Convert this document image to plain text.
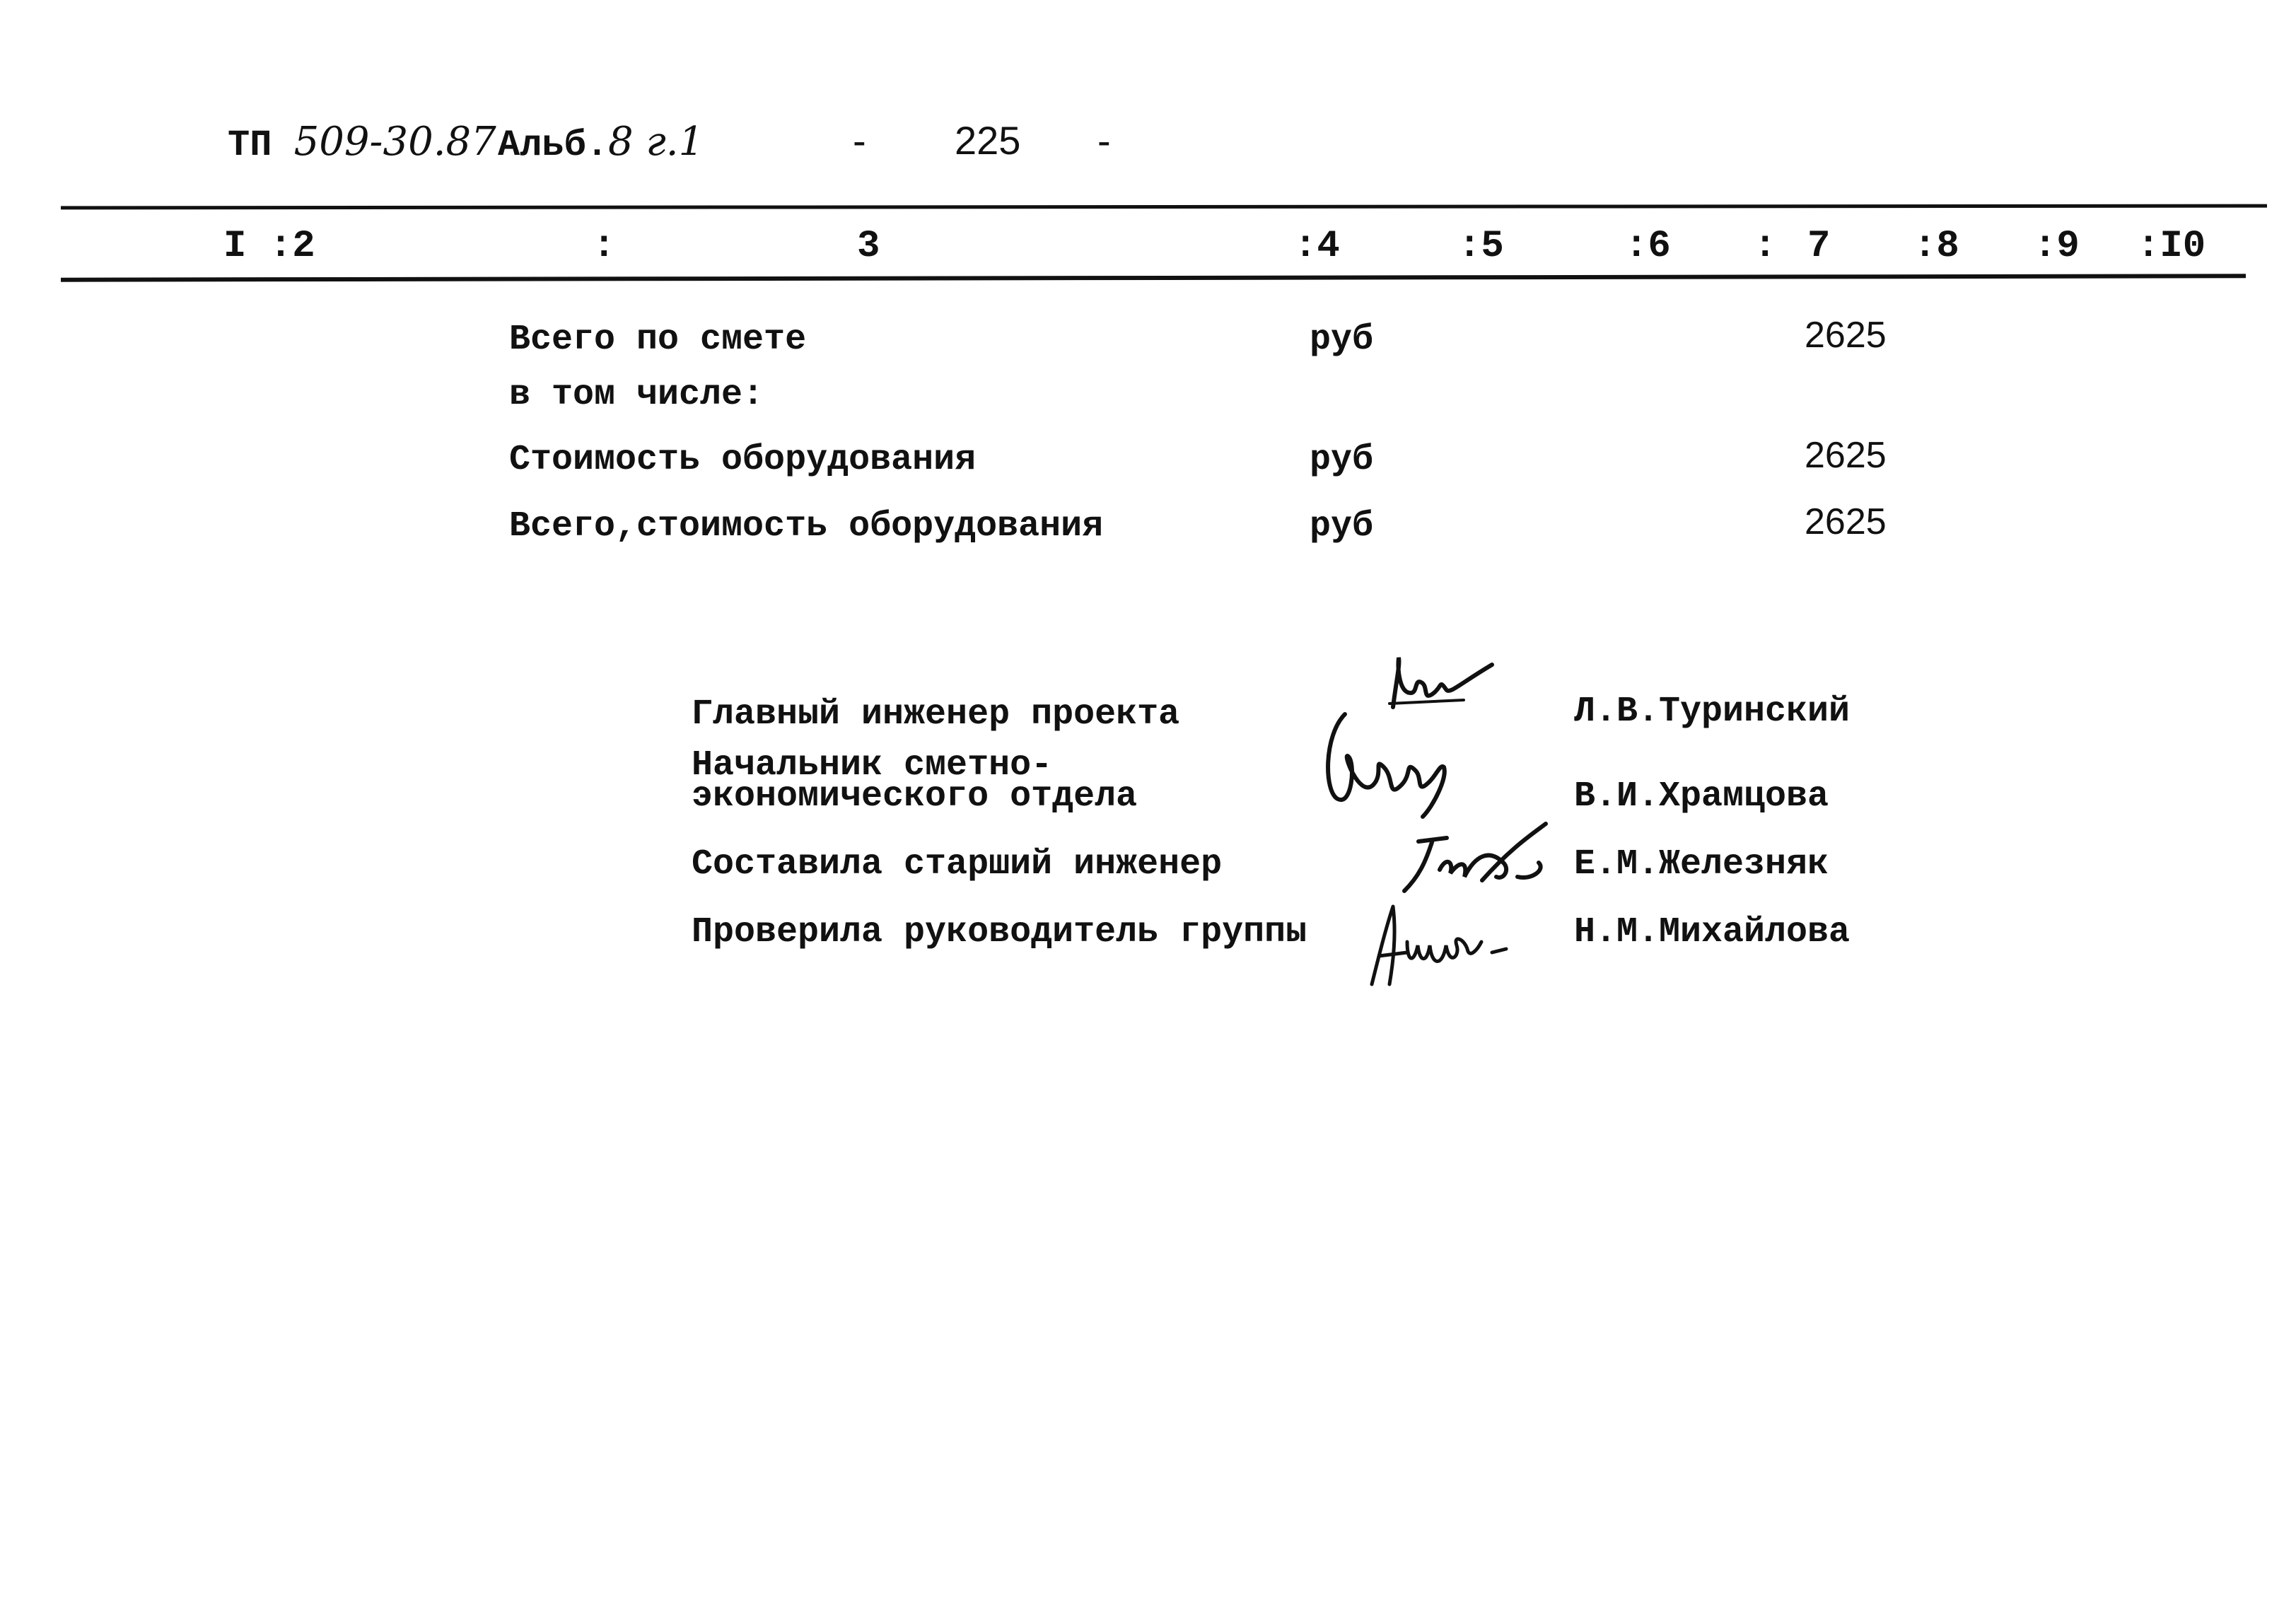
ТП 509-30.87 Альб.8 г.1	- 225 -
I :2	:	3	:4	:5	:6 : 7 :8 :9 :I0
Всего по смете	руб	2625
в том числе:
Стоимость оборудования	руб	2625
Всего,стоимость оборудования	руб	2625
Главный инженер проекта	Л.В.Туринский
Начальник сметно-
экономического отдела	В.И.Храмцова
Составила старший инженер	Е.М.Железняк
Проверила руководитель группы	Н.М.Михайлова
